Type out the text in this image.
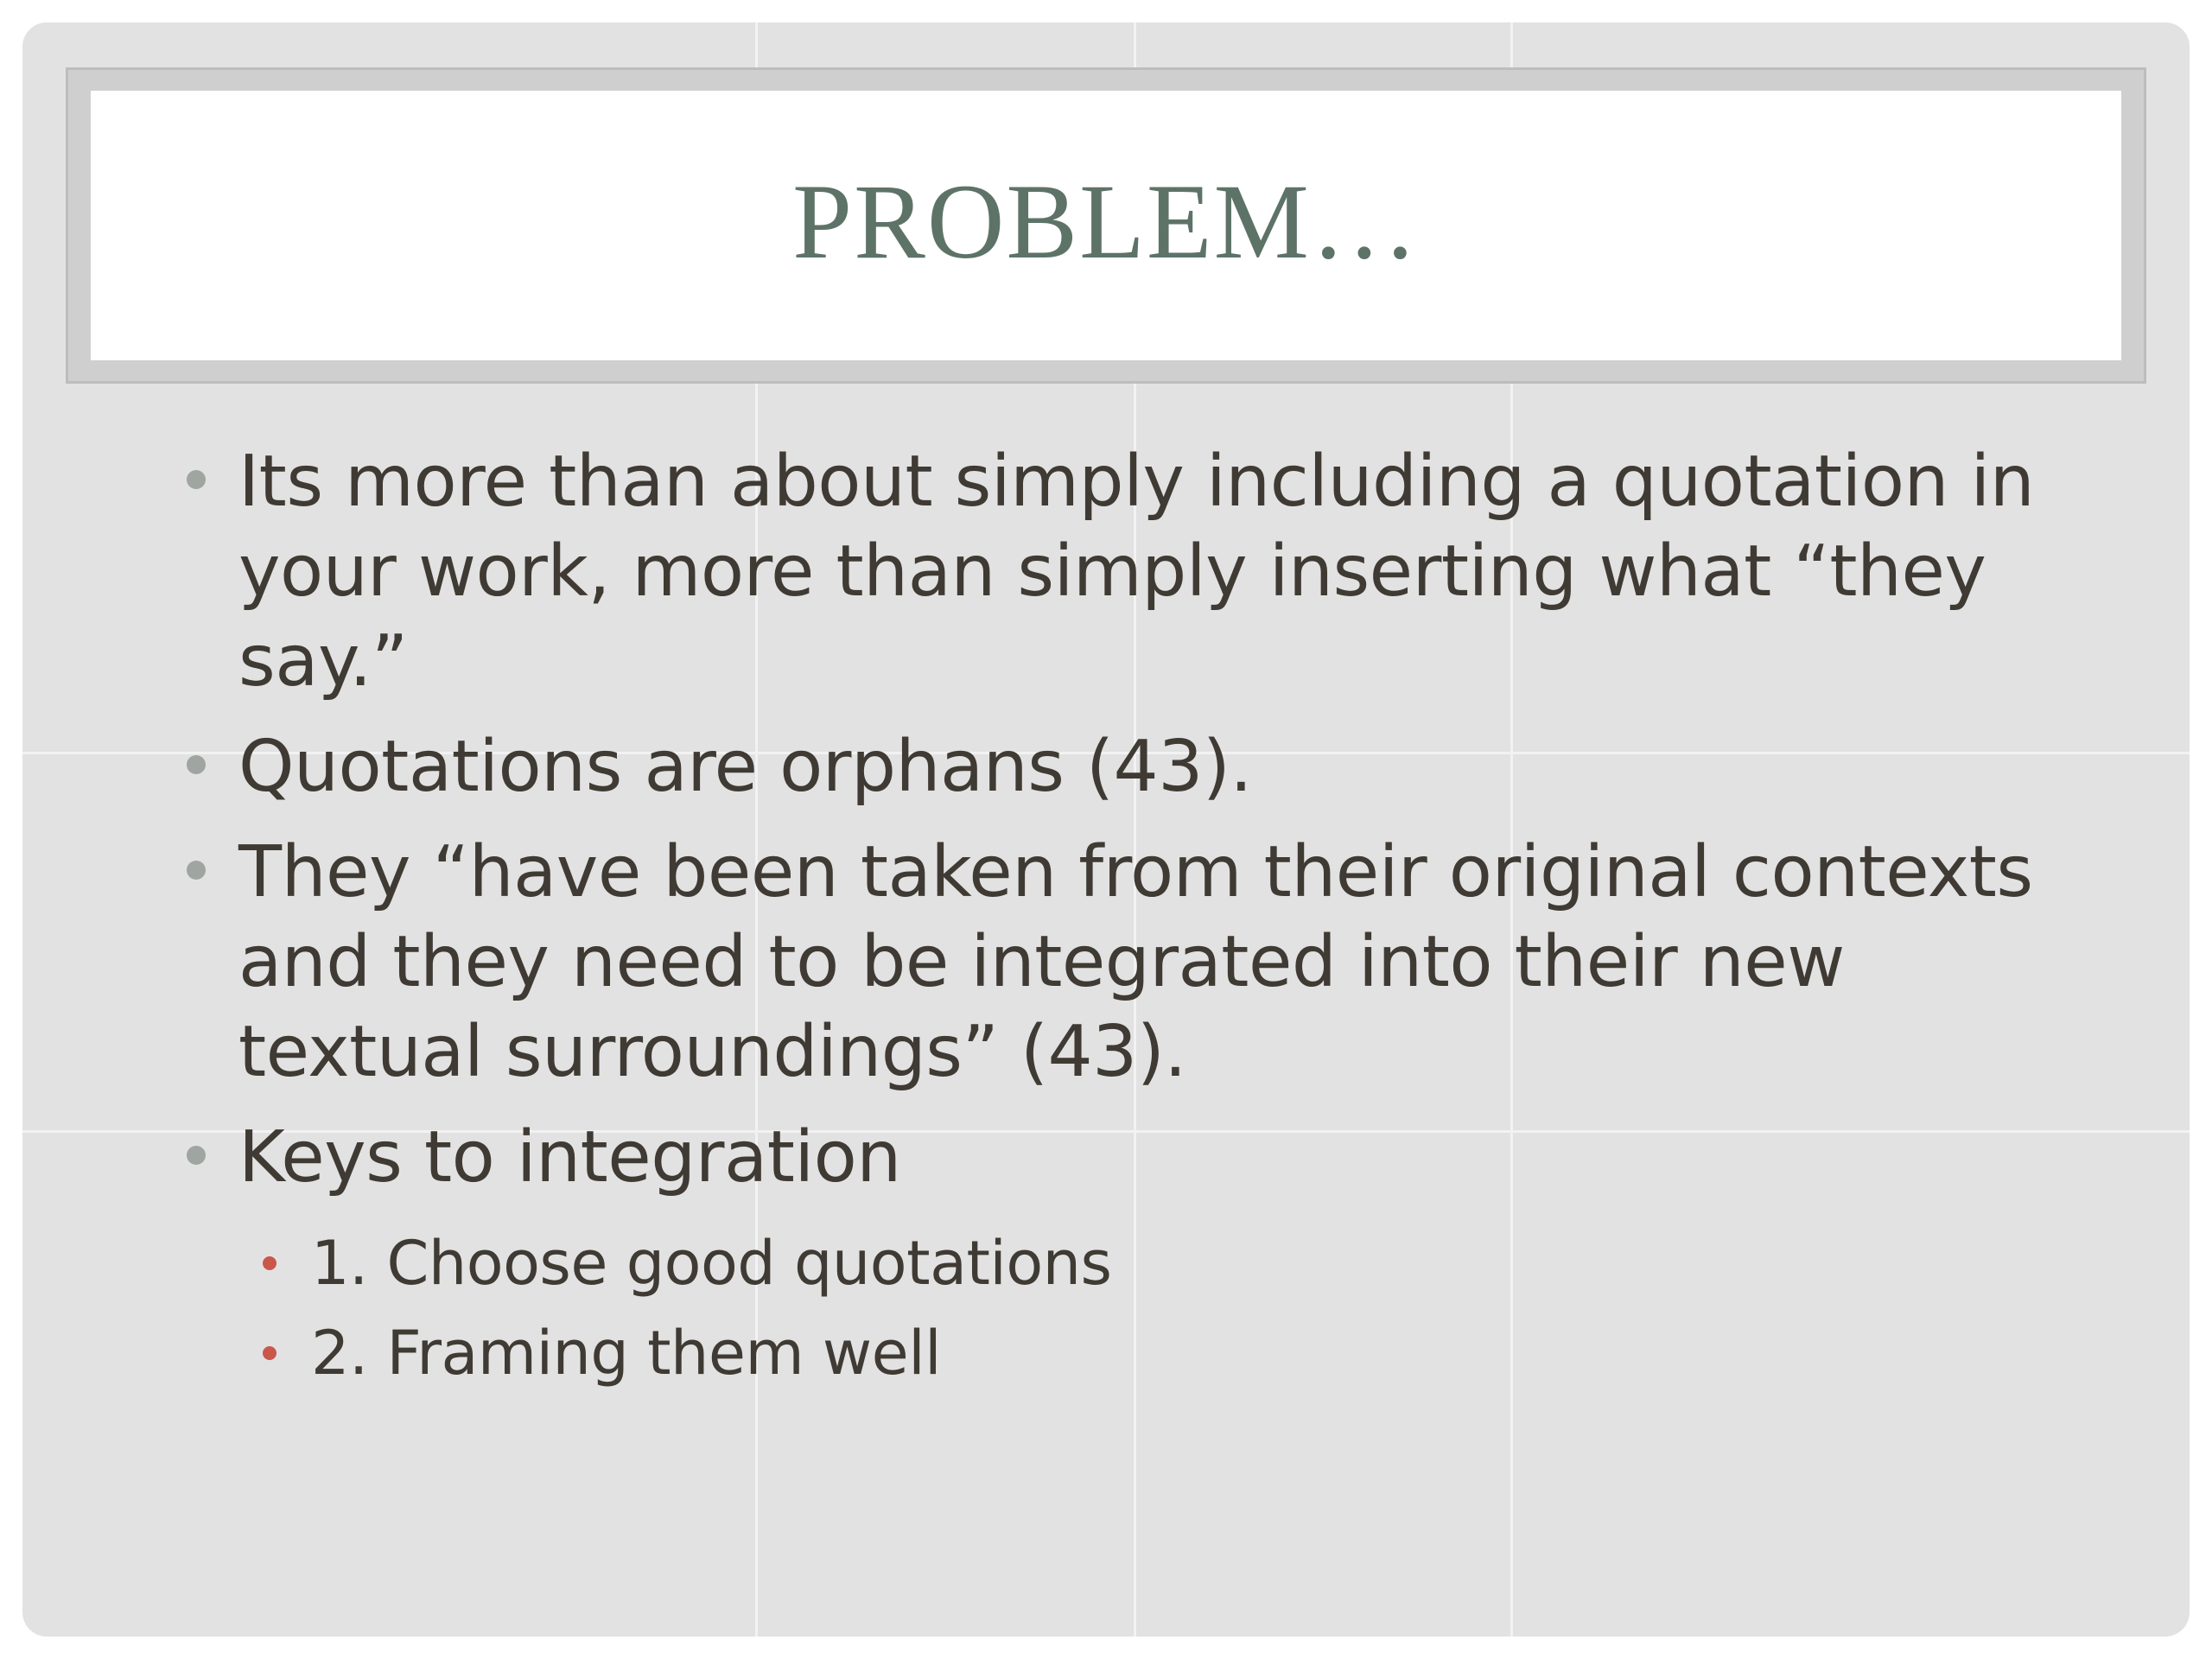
PROBLEM…
Its more than about simply including a quotation in your work, more than simply inserting what “they say.”
Quotations are orphans (43).
They “have been taken from their original contexts and they need to be integrated into their new textual surroundings” (43).
Keys to integration
1. Choose good quotations
2. Framing them well
